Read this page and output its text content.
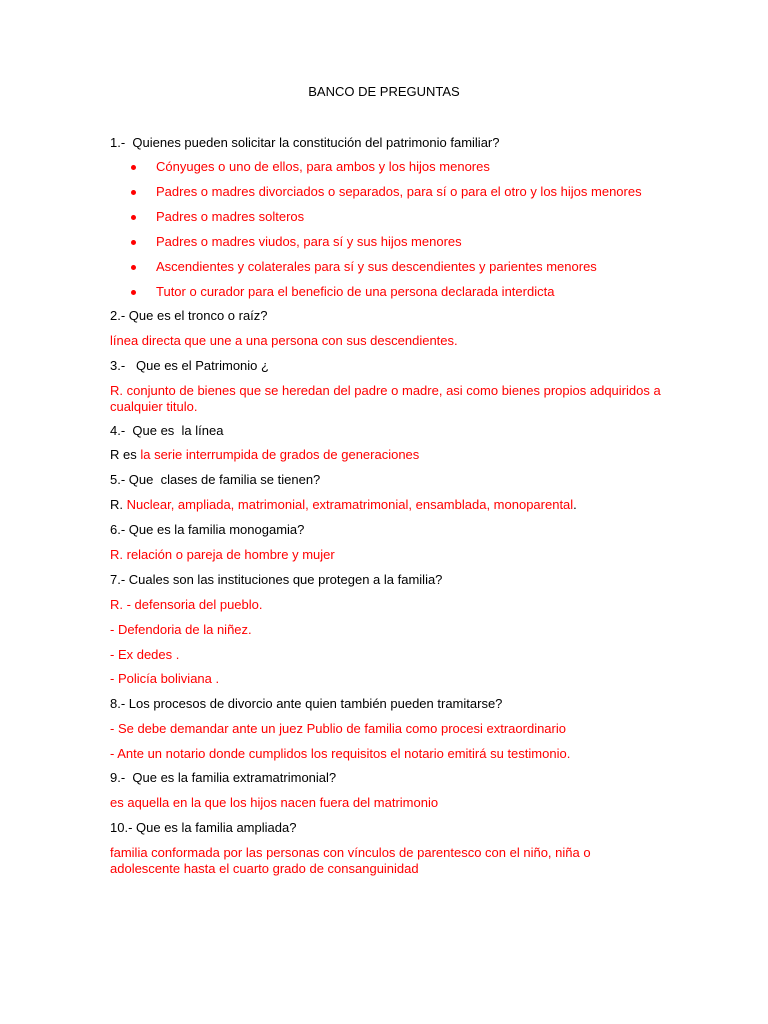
BANCO DE PREGUNTAS
1.-  Quienes pueden solicitar la constitución del patrimonio familiar?
Cónyuges o uno de ellos, para ambos y los hijos menores
Padres o madres divorciados o separados, para sí o para el otro y los hijos menores
Padres o madres solteros
Padres o madres viudos, para sí y sus hijos menores
Ascendientes y colaterales para sí y sus descendientes y parientes menores
Tutor o curador para el beneficio de una persona declarada interdicta
2.- Que es el tronco o raíz?
línea directa que une a una persona con sus descendientes.
3.-   Que es el Patrimonio ¿
R. conjunto de bienes que se heredan del padre o madre, asi como bienes propios adquiridos a cualquier titulo.
4.-  Que es  la línea
R es la serie interrumpida de grados de generaciones
5.- Que  clases de familia se tienen?
R. Nuclear, ampliada, matrimonial, extramatrimonial, ensamblada, monoparental.
6.- Que es la familia monogamia?
R. relación o pareja de hombre y mujer
7.- Cuales son las instituciones que protegen a la familia?
R. - defensoria del pueblo.
- Defendoria de la niñez.
- Ex dedes .
- Policía boliviana .
8.- Los procesos de divorcio ante quien también pueden tramitarse?
- Se debe demandar ante un juez Publio de familia como procesi extraordinario
- Ante un notario donde cumplidos los requisitos el notario emitirá su testimonio.
9.-  Que es la familia extramatrimonial?
es aquella en la que los hijos nacen fuera del matrimonio
10.- Que es la familia ampliada?
familia conformada por las personas con vínculos de parentesco con el niño, niña o adolescente hasta el cuarto grado de consanguinidad
